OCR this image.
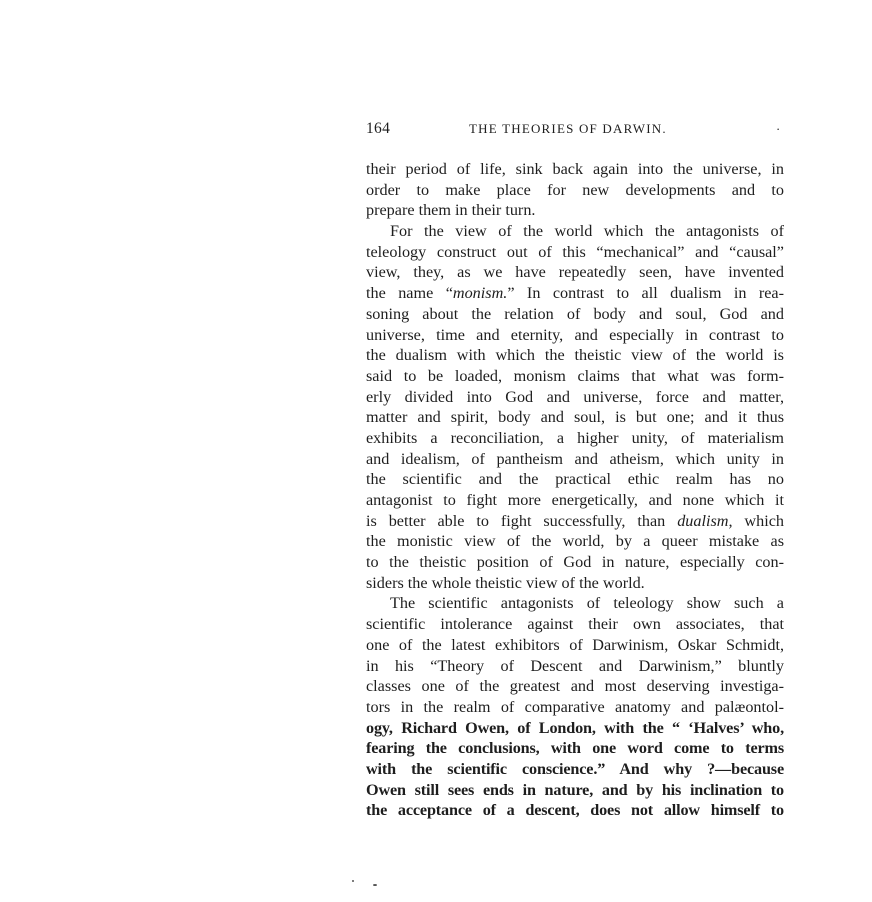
164	THE THEORIES OF DARWIN.	.
their period of life, sink back again into the universe, in
order to make place for new developments and to
prepare them in their turn.
For the view of the world which the antagonists of
teleology construct out of this “mechanical” and “causal”
view, they, as we have repeatedly seen, have invented
the name “monism.” In contrast to all dualism in rea-
soning about the relation of body and soul, God and
universe, time and eternity, and especially in contrast to
the dualism with which the theistic view of the world is
said to be loaded, monism claims that what was form-
erly divided into God and universe, force and matter,
matter and spirit, body and soul, is but one; and it thus
exhibits a reconciliation, a higher unity, of materialism
and idealism, of pantheism and atheism, which unity in
the scientific and the practical ethic realm has no
antagonist to fight more energetically, and none which it
is better able to fight successfully, than dualism, which
the monistic view of the world, by a queer mistake as
to the theistic position of God in nature, especially con-
siders the whole theistic view of the world.
The scientific antagonists of teleology show such a
scientific intolerance against their own associates, that
one of the latest exhibitors of Darwinism, Oskar Schmidt,
in his “Theory of Descent and Darwinism,” bluntly
classes one of the greatest and most deserving investiga-
tors in the realm of comparative anatomy and palæontol-
ogy, Richard Owen, of London, with the “ ‘Halves’ who,
fearing the conclusions, with one word come to terms
with the scientific conscience.” And why ?—because
Owen still sees ends in nature, and by his inclination to
the acceptance of a descent, does not allow himself to
